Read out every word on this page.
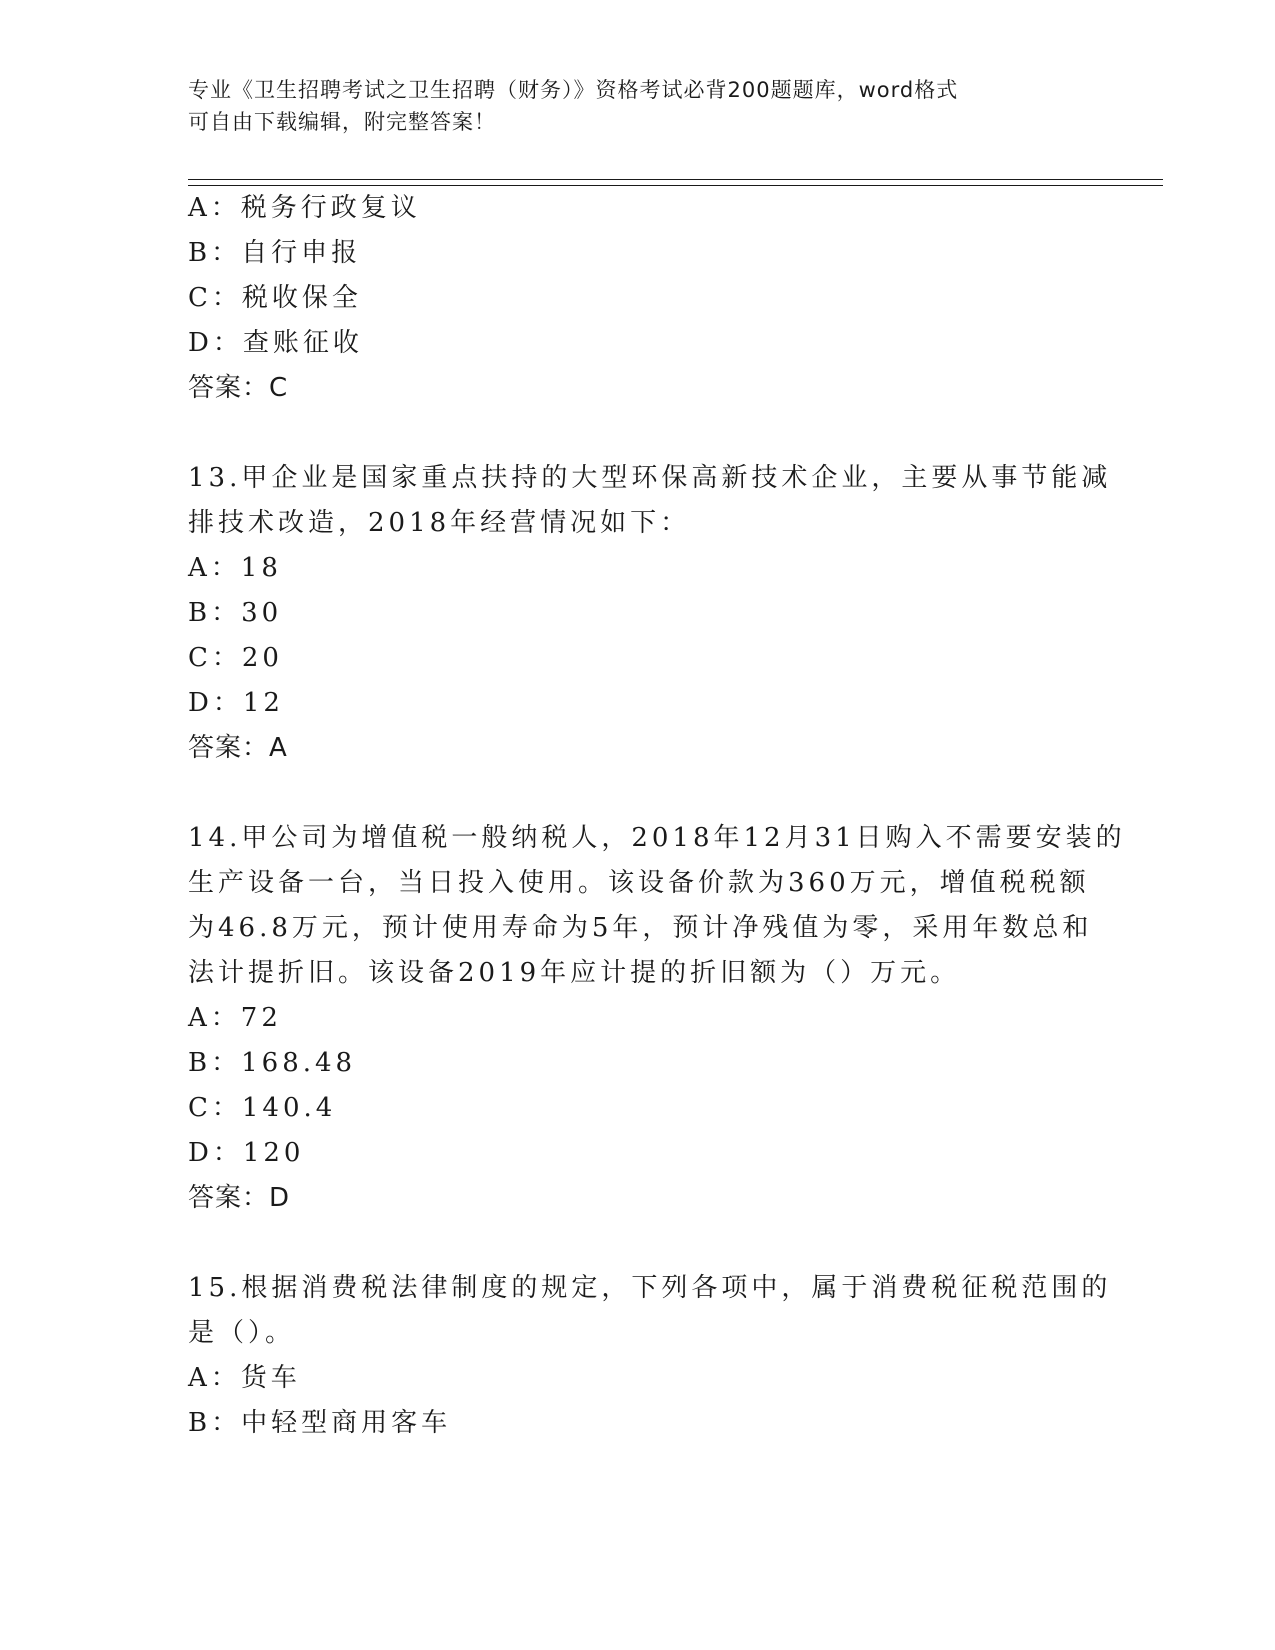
专业《卫生招聘考试之卫生招聘（财务）》资格考试必背200题题库，word格式
可自由下载编辑，附完整答案！
A：税务行政复议
B：自行申报
C：税收保全
D：查账征收
答案：C
13.甲企业是国家重点扶持的大型环保高新技术企业，主要从事节能减
排技术改造，2018年经营情况如下：
A：18
B：30
C：20
D：12
答案：A
14.甲公司为增值税一般纳税人，2018年12月31日购入不需要安装的
生产设备一台，当日投入使用。该设备价款为360万元，增值税税额
为46.8万元，预计使用寿命为5年，预计净残值为零，采用年数总和
法计提折旧。该设备2019年应计提的折旧额为（）万元。
A：72
B：168.48
C：140.4
D：120
答案：D
15.根据消费税法律制度的规定，下列各项中，属于消费税征税范围的
是（）。
A：货车
B：中轻型商用客车
